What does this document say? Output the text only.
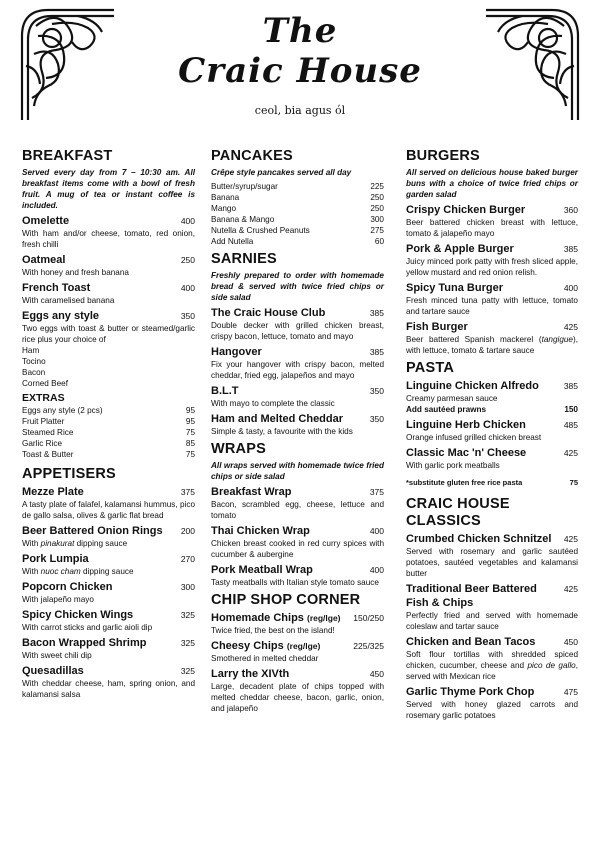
The
Craic House
ceol, bia agus ól
BREAKFAST
Served every day from 7 – 10:30 am. All breakfast items come with a bowl of fresh fruit. A mug of tea or instant coffee is included.
Omelette	400
With ham and/or cheese, tomato, red onion, fresh chilli
Oatmeal	250
With honey and fresh banana
French Toast	400
With caramelised banana
Eggs any style	350
Two eggs with toast & butter or steamed/garlic rice plus your choice of
Ham
Tocino
Bacon
Corned Beef
EXTRAS
Eggs any style (2 pcs)	95
Fruit Platter	95
Steamed Rice	75
Garlic Rice	85
Toast & Butter	75
APPETISERS
Mezze Plate	375
A tasty plate of falafel, kalamansi hummus, pico de gallo salsa, olives & garlic flat bread
Beer Battered Onion Rings 200
With pinakurat dipping sauce
Pork Lumpia	270
With nuoc cham dipping sauce
Popcorn Chicken	300
With jalapeño mayo
Spicy Chicken Wings	325
With carrot sticks and garlic aioli dip
Bacon Wrapped Shrimp	325
With sweet chili dip
Quesadillas	325
With cheddar cheese, ham, spring onion, and kalamansi salsa
PANCAKES
Crêpe style pancakes served all day
Butter/syrup/sugar	225
Banana	250
Mango	250
Banana & Mango	300
Nutella & Crushed Peanuts	275
Add Nutella	60
SARNIES
Freshly prepared to order with homemade bread & served with twice fried chips or side salad
The Craic House Club	385
Double decker with grilled chicken breast, crispy bacon, lettuce, tomato and mayo
Hangover	385
Fix your hangover with crispy bacon, melted cheddar, fried egg, jalapeños and mayo
B.L.T	350
With mayo to complete the classic
Ham and Melted Cheddar	350
Simple & tasty, a favourite with the kids
WRAPS
All wraps served with homemade twice fried chips or side salad
Breakfast Wrap	375
Bacon, scrambled egg, cheese, lettuce and tomato
Thai Chicken Wrap	400
Chicken breast cooked in red curry spices with cucumber & aubergine
Pork Meatball Wrap	400
Tasty meatballs with Italian style tomato sauce
CHIP SHOP CORNER
Homemade Chips (reg/lge) 150/250
Twice fried, the best on the island!
Cheesy Chips (reg/lge)	225/325
Smothered in melted cheddar
Larry the XIVth	450
Large, decadent plate of chips topped with melted cheddar cheese, bacon, garlic, onion, and jalapeño
BURGERS
All served on delicious house baked burger buns with a choice of twice fried chips or garden salad
Crispy Chicken Burger	360
Beer battered chicken breast with lettuce, tomato & jalapeño mayo
Pork & Apple Burger	385
Juicy minced pork patty with fresh sliced apple, yellow mustard and red onion relish.
Spicy Tuna Burger	400
Fresh minced tuna patty with lettuce, tomato and tartare sauce
Fish Burger	425
Beer battered Spanish mackerel (tangigue), with lettuce, tomato & tartare sauce
PASTA
Linguine Chicken Alfredo	385
Creamy parmesan sauce
Add sautéed prawns	150
Linguine Herb Chicken	485
Orange infused grilled chicken breast
Classic Mac 'n' Cheese	425
With garlic pork meatballs
*substitute gluten free rice pasta	75
CRAIC HOUSE
CLASSICS
Crumbed Chicken Schnitzel 425
Served with rosemary and garlic sautéed potatoes, sautéed vegetables and kalamansi butter
Traditional Beer Battered Fish & Chips
425
Perfectly fried and served with homemade coleslaw and tartar sauce
Chicken and Bean Tacos	450
Soft flour tortillas with shredded spiced chicken, cucumber, cheese and pico de gallo, served with Mexican rice
Garlic Thyme Pork Chop	475
Served with honey glazed carrots and rosemary garlic potatoes
